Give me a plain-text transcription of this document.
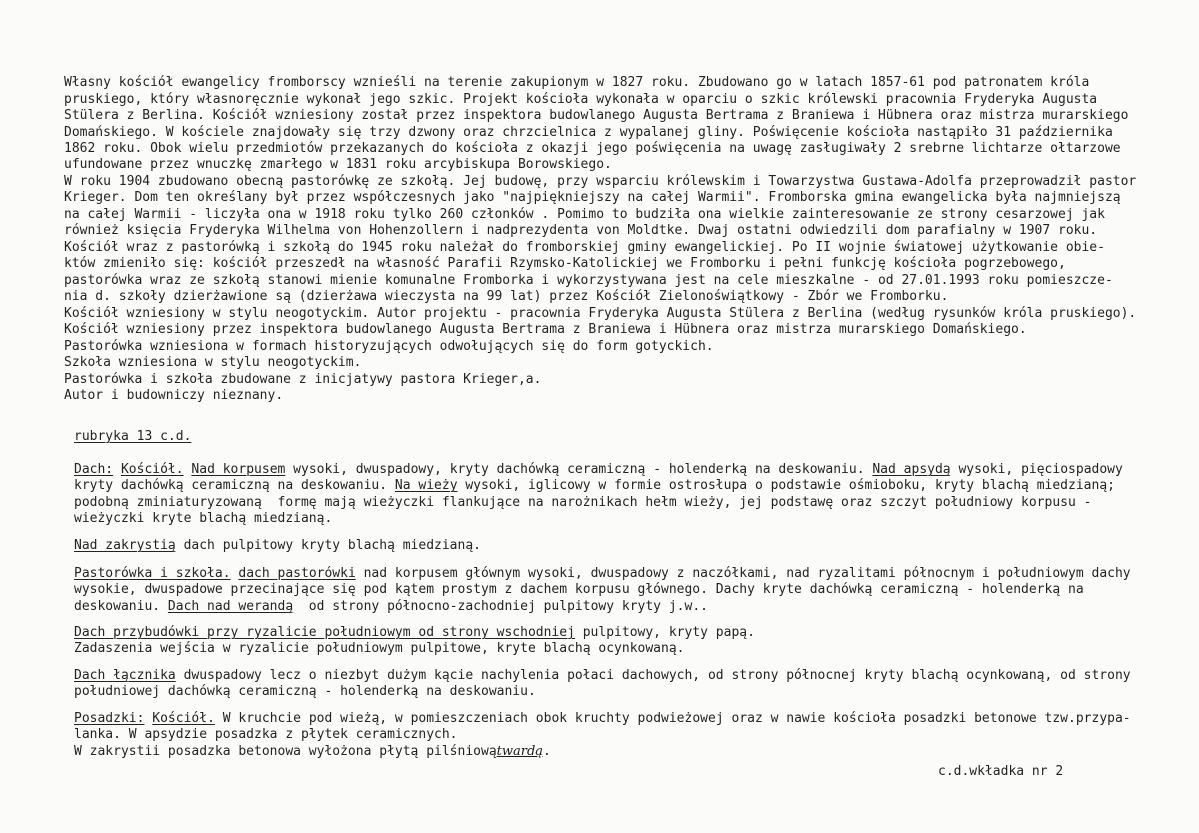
Własny kościół ewangelicy fromborscy wznieśli na terenie zakupionym w 1827 roku. Zbudowano go w latach 1857-61 pod patronatem króla
pruskiego, który własnoręcznie wykonał jego szkic. Projekt kościoła wykonała w oparciu o szkic królewski pracownia Fryderyka Augusta
Stülera z Berlina. Kościół wzniesiony został przez inspektora budowlanego Augusta Bertrama z Braniewa i Hübnera oraz mistrza murarskiego
Domańskiego. W kościele znajdowały się trzy dzwony oraz chrzcielnica z wypalanej gliny. Poświęcenie kościoła nastąpiło 31 października
1862 roku. Obok wielu przedmiotów przekazanych do kościoła z okazji jego poświęcenia na uwagę zasługiwały 2 srebrne lichtarze ołtarzowe
ufundowane przez wnuczkę zmarłego w 1831 roku arcybiskupa Borowskiego.
W roku 1904 zbudowano obecną pastorówkę ze szkołą. Jej budowę, przy wsparciu królewskim i Towarzystwa Gustawa-Adolfa przeprowadził pastor
Krieger. Dom ten określany był przez współczesnych jako "najpiękniejszy na całej Warmii". Fromborska gmina ewangelicka była najmniejszą
na całej Warmii - liczyła ona w 1918 roku tylko 260 członków . Pomimo to budziła ona wielkie zainteresowanie ze strony cesarzowej jak
również księcia Fryderyka Wilhelma von Hohenzollern i nadprezydenta von Moldtke. Dwaj ostatni odwiedzili dom parafialny w 1907 roku.
Kościół wraz z pastorówką i szkołą do 1945 roku należał do fromborskiej gminy ewangelickiej. Po II wojnie światowej użytkowanie obie-
któw zmieniło się: kościół przeszedł na własność Parafii Rzymsko-Katolickiej we Fromborku i pełni funkcję kościoła pogrzebowego,
pastorówka wraz ze szkołą stanowi mienie komunalne Fromborka i wykorzystywana jest na cele mieszkalne - od 27.01.1993 roku pomieszcze-
nia d. szkoły dzierżawione są (dzierżawa wieczysta na 99 lat) przez Kościół Zielonoświątkowy - Zbór we Fromborku.
Kościół wzniesiony w stylu neogotyckim. Autor projektu - pracownia Fryderyka Augusta Stülera z Berlina (według rysunków króla pruskiego).
Kościół wzniesiony przez inspektora budowlanego Augusta Bertrama z Braniewa i Hübnera oraz mistrza murarskiego Domańskiego.
Pastorówka wzniesiona w formach historyzujących odwołujących się do form gotyckich.
Szkoła wzniesiona w stylu neogotyckim.
Pastorówka i szkoła zbudowane z inicjatywy pastora Krieger,a.
Autor i budowniczy nieznany.
rubryka 13 c.d.
Dach: Kościół. Nad korpusem wysoki, dwuspadowy, kryty dachówką ceramiczną - holenderką na deskowaniu. Nad apsydą wysoki, pięciospadowy
kryty dachówką ceramiczną na deskowaniu. Na wieży wysoki, iglicowy w formie ostrosłupa o podstawie ośmioboku, kryty blachą miedzianą;
podobną zminiaturyzowaną  formę mają wieżyczki flankujące na narożnikach hełm wieży, jej podstawę oraz szczyt południowy korpusu -
wieżyczki kryte blachą miedzianą.
Nad zakrystią dach pulpitowy kryty blachą miedzianą.
Pastorówka i szkoła. dach pastorówki nad korpusem głównym wysoki, dwuspadowy z naczółkami, nad ryzalitami północnym i południowym dachy
wysokie, dwuspadowe przecinające się pod kątem prostym z dachem korpusu głównego. Dachy kryte dachówką ceramiczną - holenderką na
deskowaniu. Dach nad werandą  od strony północno-zachodniej pulpitowy kryty j.w..
Dach przybudówki przy ryzalicie południowym od strony wschodniej pulpitowy, kryty papą.
Zadaszenia wejścia w ryzalicie południowym pulpitowe, kryte blachą ocynkowaną.
Dach łącznika dwuspadowy lecz o niezbyt dużym kącie nachylenia połaci dachowych, od strony północnej kryty blachą ocynkowaną, od strony
południowej dachówką ceramiczną - holenderką na deskowaniu.
Posadzki: Kościół. W kruchcie pod wieżą, w pomieszczeniach obok kruchty podwieżowej oraz w nawie kościoła posadzki betonowe tzw.przypa-
lanka. W apsydzie posadzka z płytek ceramicznych.
W zakrystii posadzka betonowa wyłożona płytą pilśniowątwardą.
c.d.wkładka nr 2
